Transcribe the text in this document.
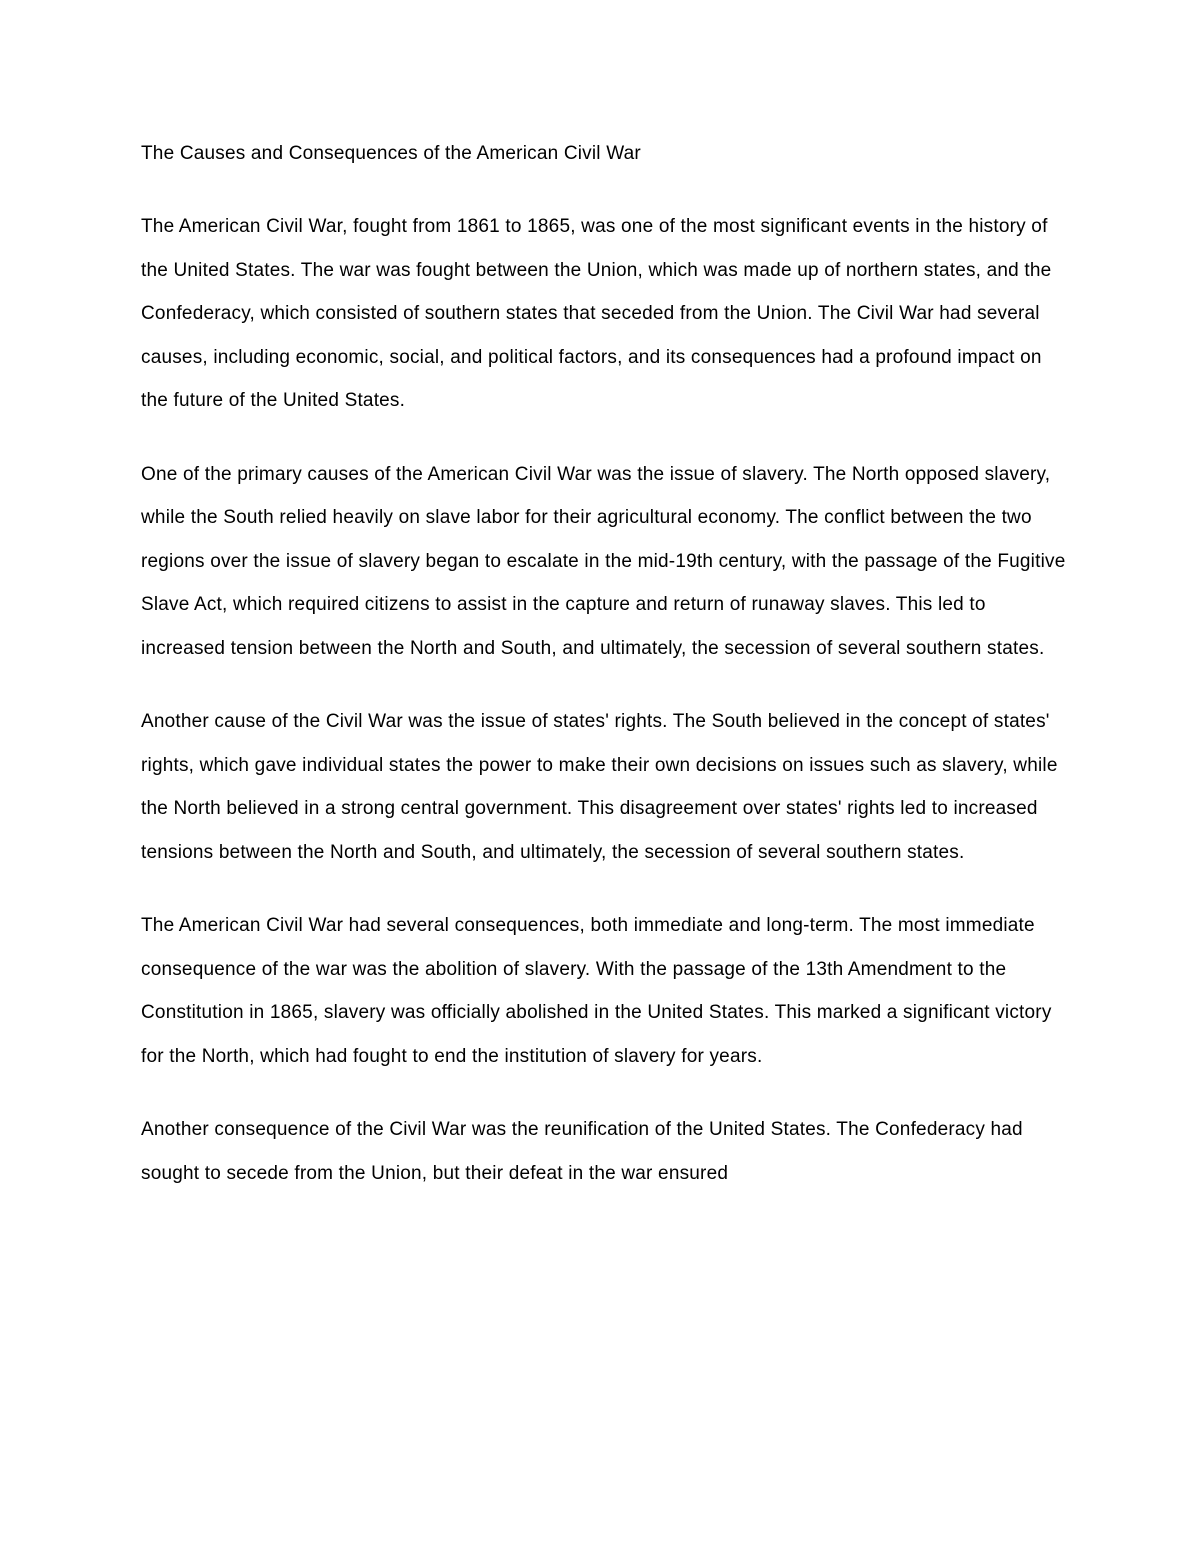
The Causes and Consequences of the American Civil War

The American Civil War, fought from 1861 to 1865, was one of the most significant events in the history of the United States. The war was fought between the Union, which was made up of northern states, and the Confederacy, which consisted of southern states that seceded from the Union. The Civil War had several causes, including economic, social, and political factors, and its consequences had a profound impact on the future of the United States.

One of the primary causes of the American Civil War was the issue of slavery. The North opposed slavery, while the South relied heavily on slave labor for their agricultural economy. The conflict between the two regions over the issue of slavery began to escalate in the mid-19th century, with the passage of the Fugitive Slave Act, which required citizens to assist in the capture and return of runaway slaves. This led to increased tension between the North and South, and ultimately, the secession of several southern states.

Another cause of the Civil War was the issue of states' rights. The South believed in the concept of states' rights, which gave individual states the power to make their own decisions on issues such as slavery, while the North believed in a strong central government. This disagreement over states' rights led to increased tensions between the North and South, and ultimately, the secession of several southern states.

The American Civil War had several consequences, both immediate and long-term. The most immediate consequence of the war was the abolition of slavery. With the passage of the 13th Amendment to the Constitution in 1865, slavery was officially abolished in the United States. This marked a significant victory for the North, which had fought to end the institution of slavery for years.

Another consequence of the Civil War was the reunification of the United States. The Confederacy had sought to secede from the Union, but their defeat in the war ensured
